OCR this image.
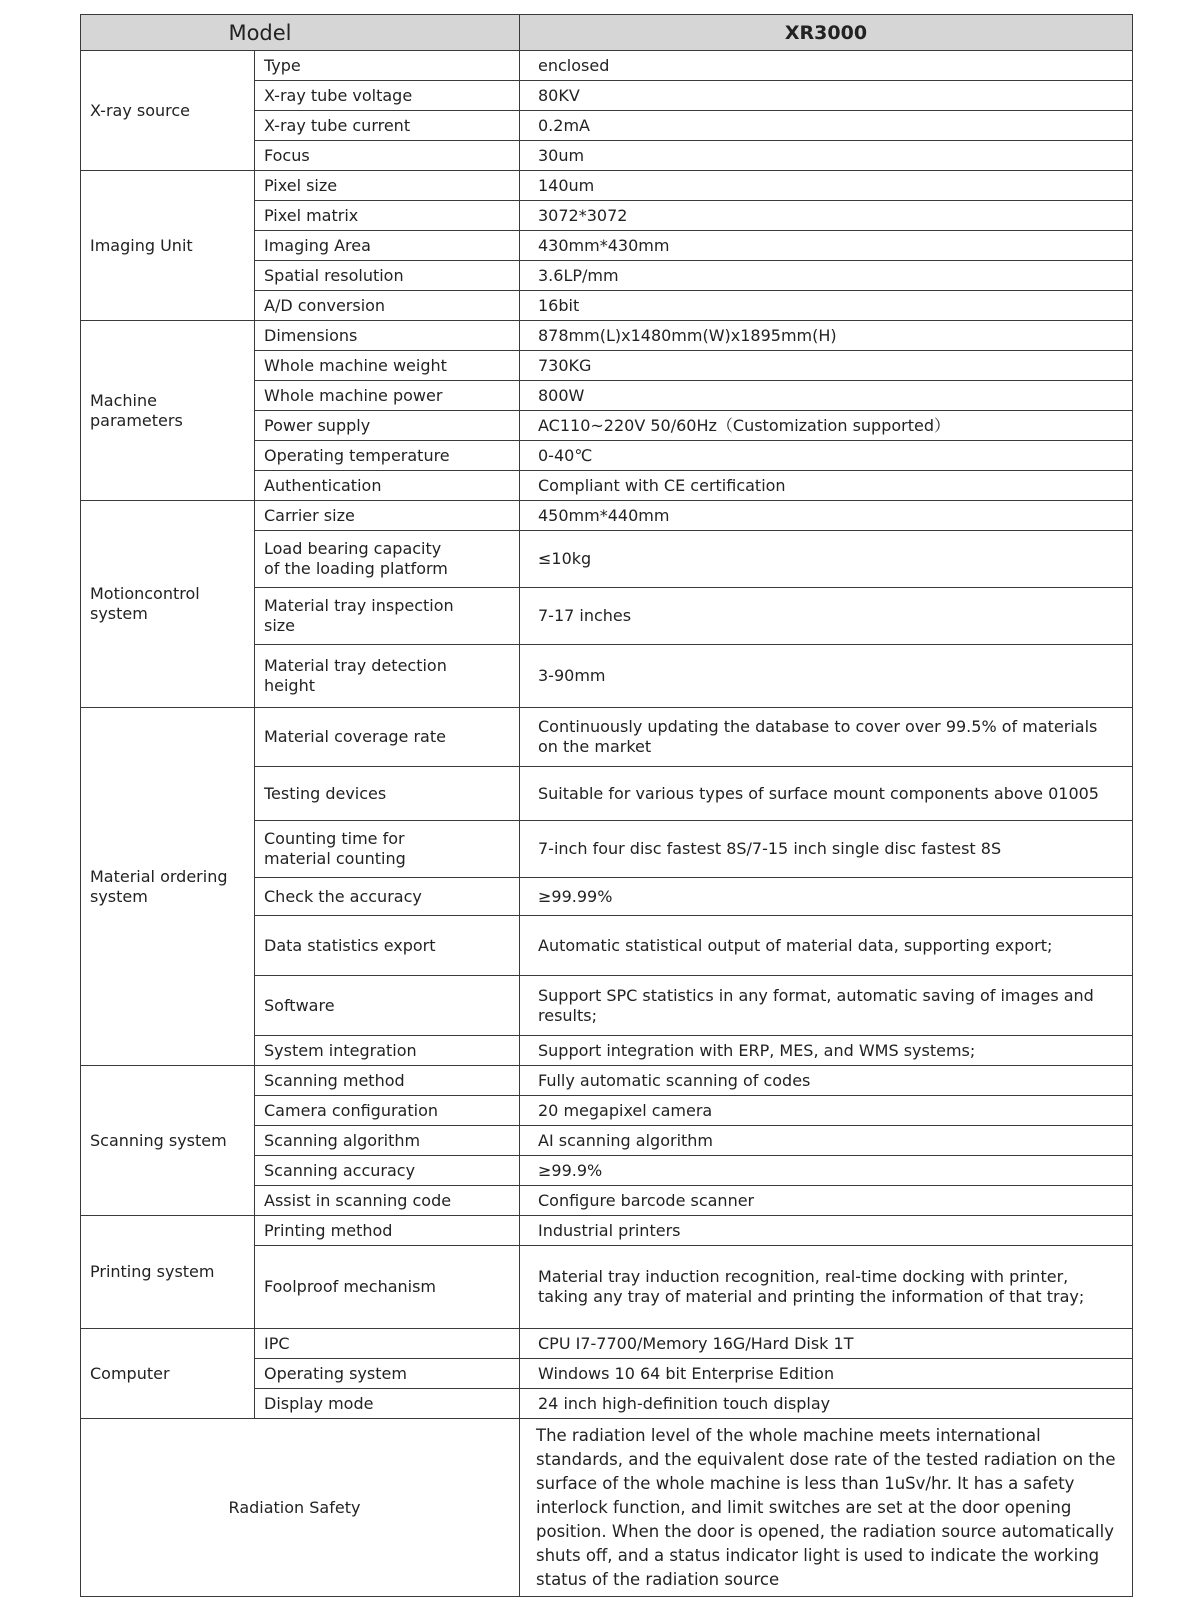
Model		XR3000
X-ray source	Type	enclosed
	X-ray tube voltage	80KV
	X-ray tube current	0.2mA
	Focus	30um
Imaging Unit	Pixel size	140um
	Pixel matrix	3072*3072
	Imaging Area	430mm*430mm
	Spatial resolution	3.6LP/mm
	A/D conversion	16bit
Machine parameters	Dimensions	878mm(L)x1480mm(W)x1895mm(H)
	Whole machine weight	730KG
	Whole machine power	800W
	Power supply	AC110~220V 50/60Hz（Customization supported）
	Operating temperature	0-40℃
	Authentication	Compliant with CE certification
Motioncontrol system	Carrier size	450mm*440mm
	Load bearing capacity of the loading platform	≤10kg
	Material tray inspection size	7-17 inches
	Material tray detection height	3-90mm
Material ordering system	Material coverage rate	Continuously updating the database to cover over 99.5% of materials on the market
	Testing devices	Suitable for various types of surface mount components above 01005
	Counting time for material counting	7-inch four disc fastest 8S/7-15 inch single disc fastest 8S
	Check the accuracy	≥99.99%
	Data statistics export	Automatic statistical output of material data, supporting export;
	Software	Support SPC statistics in any format, automatic saving of images and results;
	System integration	Support integration with ERP, MES, and WMS systems;
Scanning system	Scanning method	Fully automatic scanning of codes
	Camera configuration	20 megapixel camera
	Scanning algorithm	AI scanning algorithm
	Scanning accuracy	≥99.9%
	Assist in scanning code	Configure barcode scanner
Printing system	Printing method	Industrial printers
	Foolproof mechanism	Material tray induction recognition, real-time docking with printer, taking any tray of material and printing the information of that tray;
Computer	IPC	CPU I7-7700/Memory 16G/Hard Disk 1T
	Operating system	Windows 10 64 bit Enterprise Edition
	Display mode	24 inch high-definition touch display
Radiation Safety		The radiation level of the whole machine meets international standards, and the equivalent dose rate of the tested radiation on the surface of the whole machine is less than 1uSv/hr. It has a safety interlock function, and limit switches are set at the door opening position. When the door is opened, the radiation source automatically shuts off, and a status indicator light is used to indicate the working status of the radiation source
